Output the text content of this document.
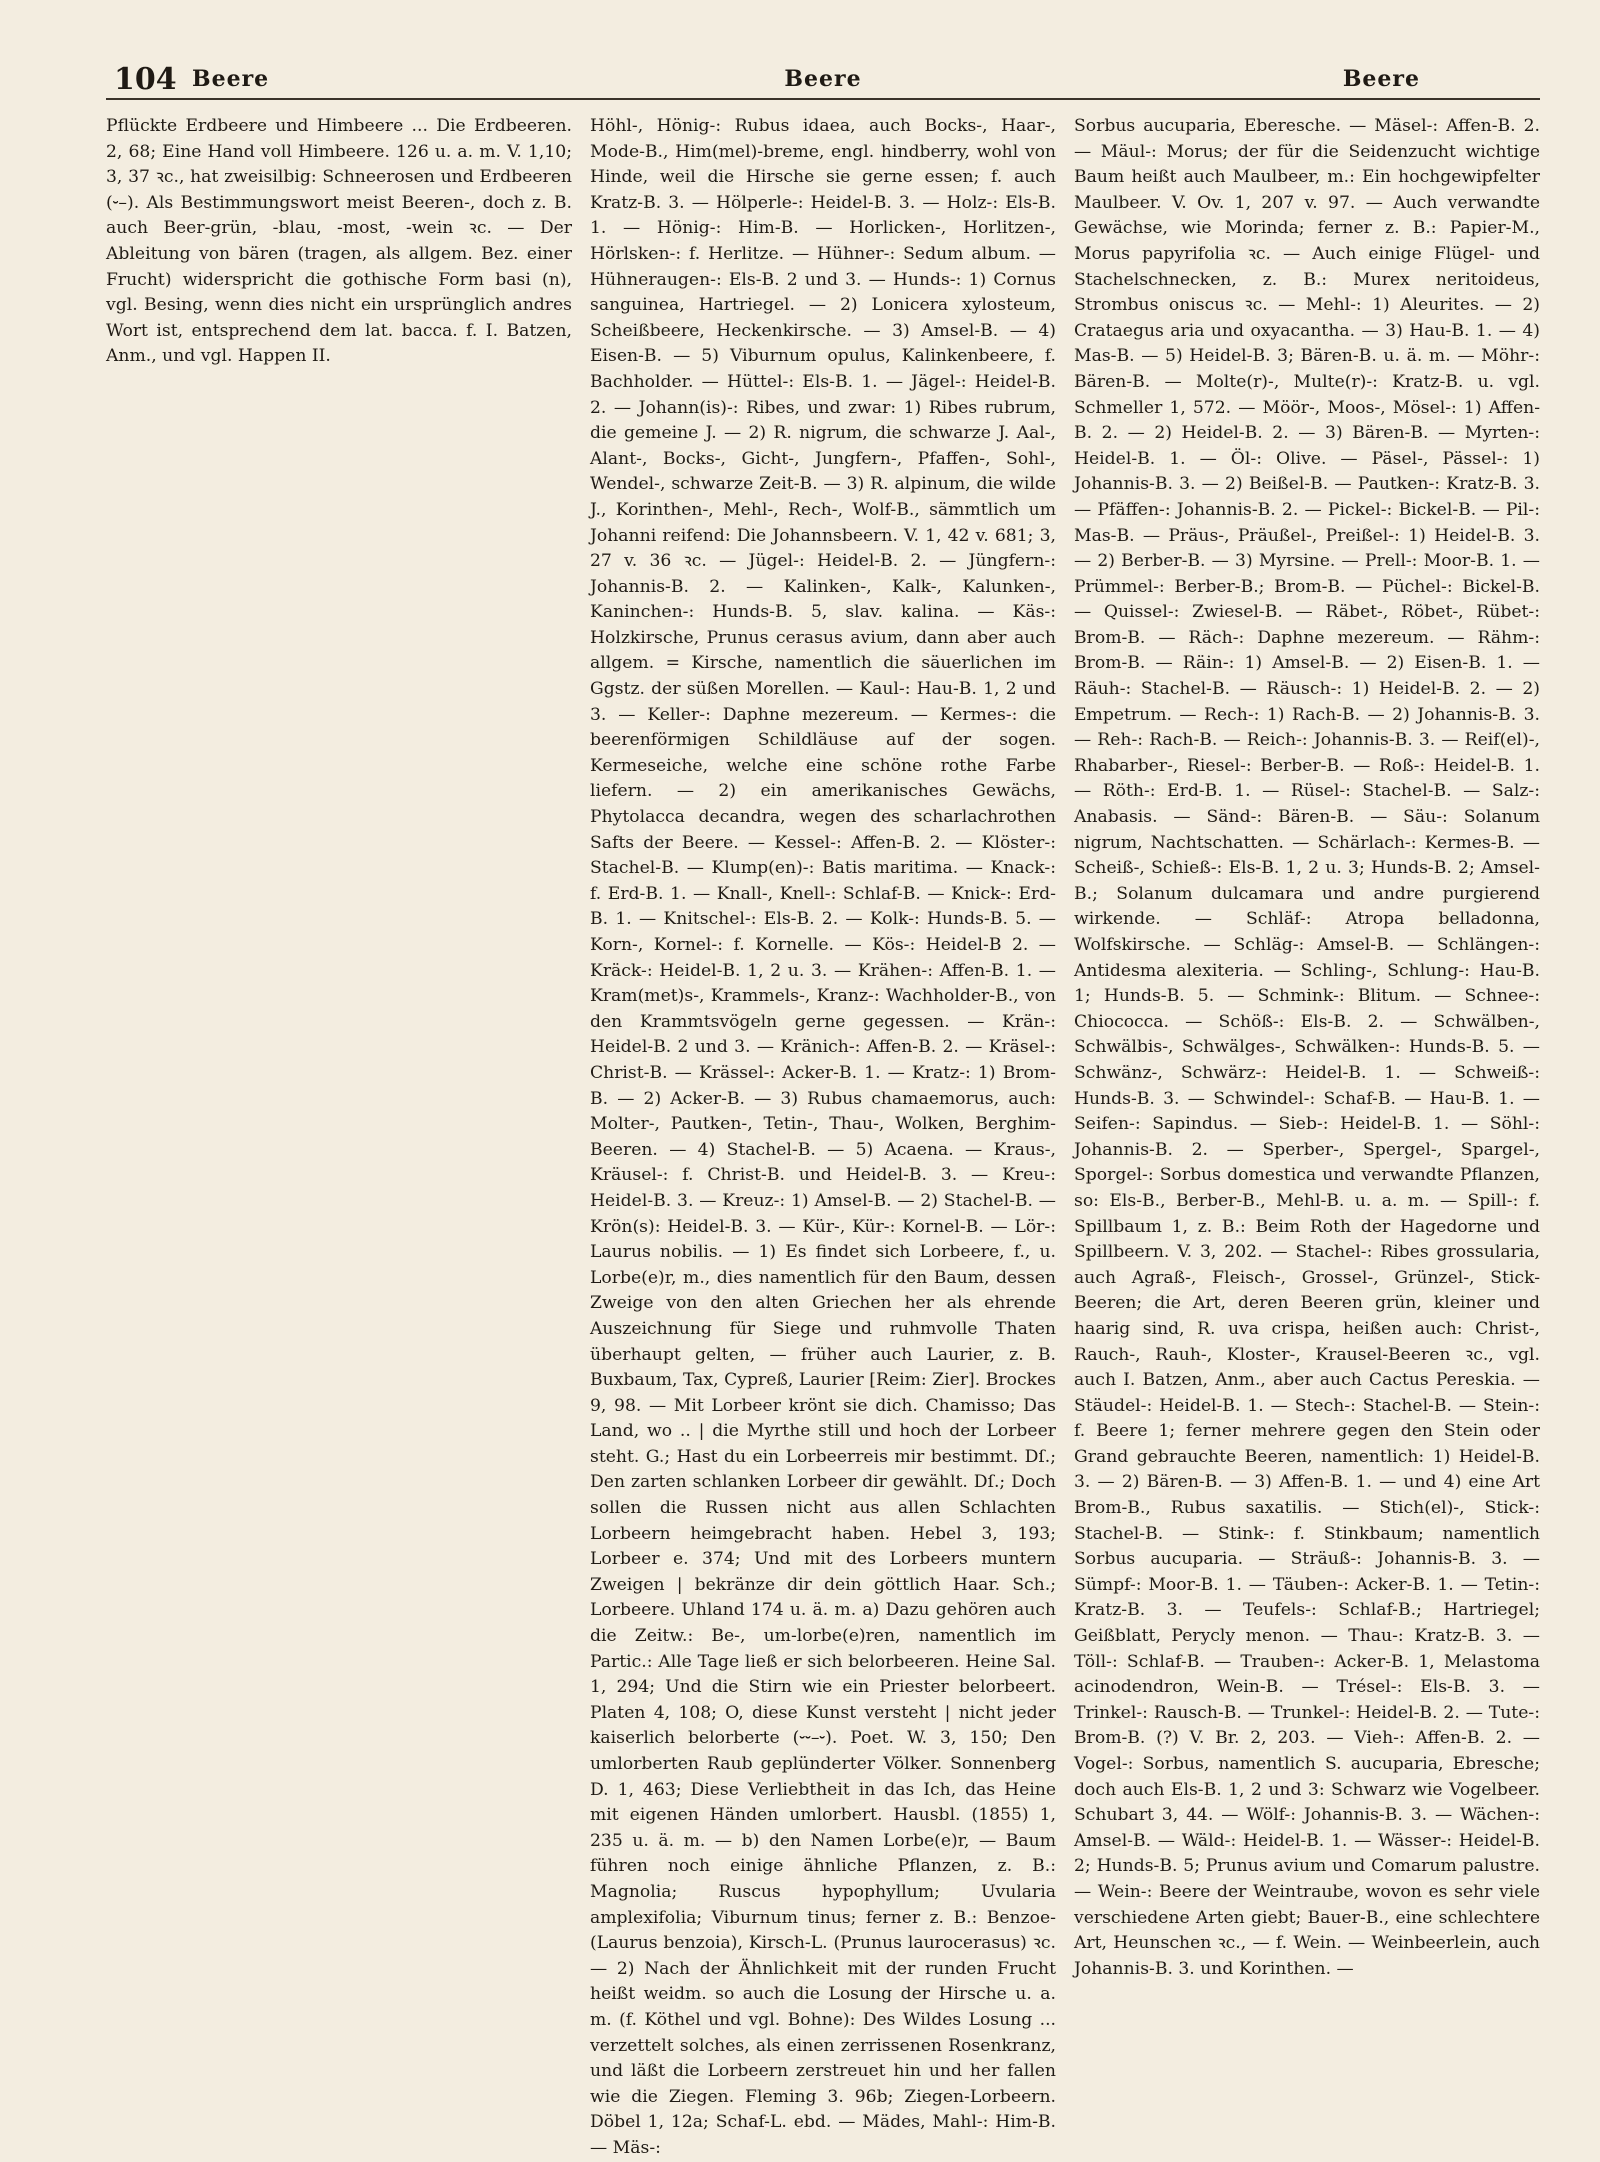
104 Beere	Beere	Beere

Pflückte Erdbeere und Himbeere ... Die Erdbeeren. 2, 68; Eine Hand voll Himbeere. 126 u. a. m. V. 1,10; 3, 37 ꝛc., hat zweisilbig: Schneerosen und Erdbeeren (⏑–). Als Bestimmungswort meist Beeren-, doch z. B. auch Beer-grün, -blau, -most, -wein ꝛc. — Der Ableitung von bären (tragen, als allgem. Bez. einer Frucht) widerspricht die gothische Form basi (n), vgl. Besing, wenn dies nicht ein ursprünglich andres Wort ist, entsprechend dem lat. bacca. f. I. Batzen, Anm., und vgl. Happen II.

Höhl-, Hönig-: Rubus idaea, auch Bocks-, Haar-, Mode-B., Him(mel)-breme, engl. hindberry, wohl von Hinde, weil die Hirsche sie gerne essen; f. auch Kratz-B. 3. — Hölperle-: Heidel-B. 3. — Holz-: Els-B. 1. — Hönig-: Him-B. — Horlicken-, Horlitzen-, Hörlsken-: f. Herlitze. — Hühner-: Sedum album. — Hühneraugen-: Els-B. 2 und 3. — Hunds-: 1) Cornus sanguinea, Hartriegel. — 2) Lonicera xylosteum, Scheißbeere, Heckenkirsche. — 3) Amsel-B. — 4) Eisen-B. — 5) Viburnum opulus, Kalinkenbeere, f. Bachholder. — Hüttel-: Els-B. 1. — Jägel-: Heidel-B. 2. — Johann(is)-: Ribes, und zwar: 1) Ribes rubrum, die gemeine J. — 2) R. nigrum, die schwarze J. Aal-, Alant-, Bocks-, Gicht-, Jungfern-, Pfaffen-, Sohl-, Wendel-, schwarze Zeit-B. — 3) R. alpinum, die wilde J., Korinthen-, Mehl-, Rech-, Wolf-B., sämmtlich um Johanni reifend: Die Johannsbeern. V. 1, 42 v. 681; 3, 27 v. 36 ꝛc. — Jügel-: Heidel-B. 2. — Jüngfern-: Johannis-B. 2. — Kalinken-, Kalk-, Kalunken-, Kaninchen-: Hunds-B. 5, slav. kalina. — Käs-: Holzkirsche, Prunus cerasus avium, dann aber auch allgem. = Kirsche, namentlich die säuerlichen im Ggstz. der süßen Morellen. — Kaul-: Hau-B. 1, 2 und 3. — Keller-: Daphne mezereum. — Kermes-: die beerenförmigen Schildläuse auf der sogen. Kermeseiche, welche eine schöne rothe Farbe liefern. — 2) ein amerikanisches Gewächs, Phytolacca decandra, wegen des scharlachrothen Safts der Beere. — Kessel-: Affen-B. 2. — Klöster-: Stachel-B. — Klump(en)-: Batis maritima. — Knack-: f. Erd-B. 1. — Knall-, Knell-: Schlaf-B. — Knick-: Erd-B. 1. — Knitschel-: Els-B. 2. — Kolk-: Hunds-B. 5. — Korn-, Kornel-: f. Kornelle. — Kös-: Heidel-B 2. — Kräck-: Heidel-B. 1, 2 u. 3. — Krähen-: Affen-B. 1. — Kram(met)s-, Krammels-, Kranz-: Wachholder-B., von den Krammtsvögeln gerne gegessen. — Krän-: Heidel-B. 2 und 3. — Kränich-: Affen-B. 2. — Kräsel-: Christ-B. — Krässel-: Acker-B. 1. — Kratz-: 1) Brom-B. — 2) Acker-B. — 3) Rubus chamaemorus, auch: Molter-, Pautken-, Tetin-, Thau-, Wolken, Berghim-Beeren. — 4) Stachel-B. — 5) Acaena. — Kraus-, Kräusel-: f. Christ-B. und Heidel-B. 3. — Kreu-: Heidel-B. 3. — Kreuz-: 1) Amsel-B. — 2) Stachel-B. — Krön(s): Heidel-B. 3. — Kür-, Kür-: Kornel-B. — Lör-: Laurus nobilis. — 1) Es findet sich Lorbeere, f., u. Lorbe(e)r, m., dies namentlich für den Baum, dessen Zweige von den alten Griechen her als ehrende Auszeichnung für Siege und ruhmvolle Thaten überhaupt gelten, — früher auch Laurier, z. B. Buxbaum, Tax, Cypreß, Laurier [Reim: Zier]. Brockes 9, 98. — Mit Lorbeer krönt sie dich. Chamisso; Das Land, wo .. | die Myrthe still und hoch der Lorbeer steht. G.; Hast du ein Lorbeerreis mir bestimmt. Dſ.; Den zarten schlanken Lorbeer dir gewählt. Dſ.; Doch sollen die Russen nicht aus allen Schlachten Lorbeern heimgebracht haben. Hebel 3, 193; Lorbeer e. 374; Und mit des Lorbeers muntern Zweigen | bekränze dir dein göttlich Haar. Sch.; Lorbeere. Uhland 174 u. ä. m. a) Dazu gehören auch die Zeitw.: Be-, um-lorbe(e)ren, namentlich im Partic.: Alle Tage ließ er sich belorbeeren. Heine Sal. 1, 294; Und die Stirn wie ein Priester belorbeert. Platen 4, 108; O, diese Kunst versteht | nicht jeder kaiserlich belorberte (⏑⏑–⏑). Poet. W. 3, 150; Den umlorberten Raub geplünderter Völker. Sonnenberg D. 1, 463; Diese Verliebtheit in das Ich, das Heine mit eigenen Händen umlorbert. Hausbl. (1855) 1, 235 u. ä. m. — b) den Namen Lorbe(e)r, — Baum führen noch einige ähnliche Pflanzen, z. B.: Magnolia; Ruscus hypophyllum; Uvularia amplexifolia; Viburnum tinus; ferner z. B.: Benzoe- (Laurus benzoia), Kirsch-L. (Prunus laurocerasus) ꝛc. — 2) Nach der Ähnlichkeit mit der runden Frucht heißt weidm. so auch die Losung der Hirsche u. a. m. (f. Köthel und vgl. Bohne): Des Wildes Losung ... verzettelt solches, als einen zerrissenen Rosenkranz, und läßt die Lorbeern zerstreuet hin und her fallen wie die Ziegen. Fleming 3. 96b; Ziegen-Lorbeern. Döbel 1, 12a; Schaf-L. ebd. — Mädes, Mahl-: Him-B. — Mäs-:

Sorbus aucuparia, Eberesche. — Mäsel-: Affen-B. 2. — Mäul-: Morus; der für die Seidenzucht wichtige Baum heißt auch Maulbeer, m.: Ein hochgewipfelter Maulbeer. V. Ov. 1, 207 v. 97. — Auch verwandte Gewächse, wie Morinda; ferner z. B.: Papier-M., Morus papyrifolia ꝛc. — Auch einige Flügel- und Stachelschnecken, z. B.: Murex neritoideus, Strombus oniscus ꝛc. — Mehl-: 1) Aleurites. — 2) Crataegus aria und oxyacantha. — 3) Hau-B. 1. — 4) Mas-B. — 5) Heidel-B. 3; Bären-B. u. ä. m. — Möhr-: Bären-B. — Molte(r)-, Multe(r)-: Kratz-B. u. vgl. Schmeller 1, 572. — Möör-, Moos-, Mösel-: 1) Affen-B. 2. — 2) Heidel-B. 2. — 3) Bären-B. — Myrten-: Heidel-B. 1. — Öl-: Olive. — Päsel-, Pässel-: 1) Johannis-B. 3. — 2) Beißel-B. — Pautken-: Kratz-B. 3. — Pfäffen-: Johannis-B. 2. — Pickel-: Bickel-B. — Pil-: Mas-B. — Präus-, Präußel-, Preißel-: 1) Heidel-B. 3. — 2) Berber-B. — 3) Myrsine. — Prell-: Moor-B. 1. — Prümmel-: Berber-B.; Brom-B. — Püchel-: Bickel-B. — Quissel-: Zwiesel-B. — Räbet-, Röbet-, Rübet-: Brom-B. — Räch-: Daphne mezereum. — Rähm-: Brom-B. — Räin-: 1) Amsel-B. — 2) Eisen-B. 1. — Räuh-: Stachel-B. — Räusch-: 1) Heidel-B. 2. — 2) Empetrum. — Rech-: 1) Rach-B. — 2) Johannis-B. 3. — Reh-: Rach-B. — Reich-: Johannis-B. 3. — Reif(el)-, Rhabarber-, Riesel-: Berber-B. — Roß-: Heidel-B. 1. — Röth-: Erd-B. 1. — Rüsel-: Stachel-B. — Salz-: Anabasis. — Sänd-: Bären-B. — Säu-: Solanum nigrum, Nachtschatten. — Schärlach-: Kermes-B. — Scheiß-, Schieß-: Els-B. 1, 2 u. 3; Hunds-B. 2; Amsel-B.; Solanum dulcamara und andre purgierend wirkende. — Schläf-: Atropa belladonna, Wolfskirsche. — Schläg-: Amsel-B. — Schlängen-: Antidesma alexiteria. — Schling-, Schlung-: Hau-B. 1; Hunds-B. 5. — Schmink-: Blitum. — Schnee-: Chiococca. — Schöß-: Els-B. 2. — Schwälben-, Schwälbis-, Schwälges-, Schwälken-: Hunds-B. 5. — Schwänz-, Schwärz-: Heidel-B. 1. — Schweiß-: Hunds-B. 3. — Schwindel-: Schaf-B. — Hau-B. 1. — Seifen-: Sapindus. — Sieb-: Heidel-B. 1. — Söhl-: Johannis-B. 2. — Sperber-, Spergel-, Spargel-, Sporgel-: Sorbus domestica und verwandte Pflanzen, so: Els-B., Berber-B., Mehl-B. u. a. m. — Spill-: f. Spillbaum 1, z. B.: Beim Roth der Hagedorne und Spillbeern. V. 3, 202. — Stachel-: Ribes grossularia, auch Agraß-, Fleisch-, Grossel-, Grünzel-, Stick-Beeren; die Art, deren Beeren grün, kleiner und haarig sind, R. uva crispa, heißen auch: Christ-, Rauch-, Rauh-, Kloster-, Krausel-Beeren ꝛc., vgl. auch I. Batzen, Anm., aber auch Cactus Pereskia. — Stäudel-: Heidel-B. 1. — Stech-: Stachel-B. — Stein-: f. Beere 1; ferner mehrere gegen den Stein oder Grand gebrauchte Beeren, namentlich: 1) Heidel-B. 3. — 2) Bären-B. — 3) Affen-B. 1. — und 4) eine Art Brom-B., Rubus saxatilis. — Stich(el)-, Stick-: Stachel-B. — Stink-: f. Stinkbaum; namentlich Sorbus aucuparia. — Sträuß-: Johannis-B. 3. — Sümpf-: Moor-B. 1. — Täuben-: Acker-B. 1. — Tetin-: Kratz-B. 3. — Teufels-: Schlaf-B.; Hartriegel; Geißblatt, Perycly menon. — Thau-: Kratz-B. 3. — Töll-: Schlaf-B. — Trauben-: Acker-B. 1, Melastoma acinodendron, Wein-B. — Trésel-: Els-B. 3. — Trinkel-: Rausch-B. — Trunkel-: Heidel-B. 2. — Tute-: Brom-B. (?) V. Br. 2, 203. — Vieh-: Affen-B. 2. — Vogel-: Sorbus, namentlich S. aucuparia, Ebresche; doch auch Els-B. 1, 2 und 3: Schwarz wie Vogelbeer. Schubart 3, 44. — Wölf-: Johannis-B. 3. — Wächen-: Amsel-B. — Wäld-: Heidel-B. 1. — Wässer-: Heidel-B. 2; Hunds-B. 5; Prunus avium und Comarum palustre. — Wein-: Beere der Weintraube, wovon es sehr viele verschiedene Arten giebt; Bauer-B., eine schlechtere Art, Heunschen ꝛc., — f. Wein. — Weinbeerlein, auch Johannis-B. 3. und Korinthen. —
